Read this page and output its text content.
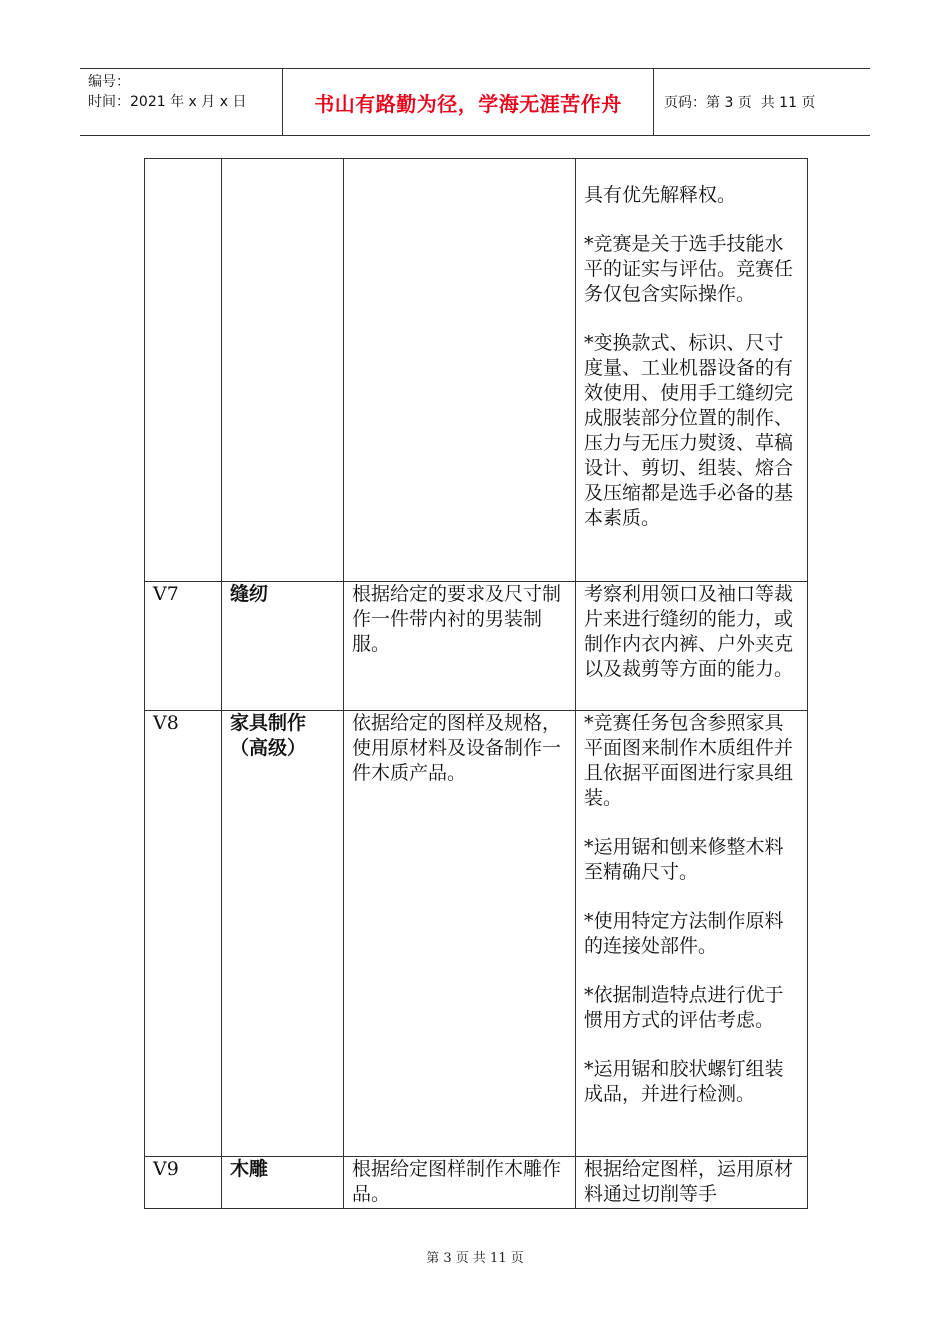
编号：
时间：2021 年 x 月 x 日	书山有路勤为径，学海无涯苦作舟	页码：第 3 页  共 11 页

			具有优先解释权。

*竞赛是关于选手技能水平的证实与评估。竞赛任务仅包含实际操作。

*变换款式、标识、尺寸度量、工业机器设备的有效使用、使用手工缝纫完成服装部分位置的制作、压力与无压力熨烫、草稿设计、剪切、组装、熔合及压缩都是选手必备的基本素质。

V7	缝纫	根据给定的要求及尺寸制作一件带内衬的男装制服。	考察利用领口及袖口等裁片来进行缝纫的能力，或制作内衣内裤、户外夹克以及裁剪等方面的能力。

V8	家具制作（高级）	依据给定的图样及规格，使用原材料及设备制作一件木质产品。	*竞赛任务包含参照家具平面图来制作木质组件并且依据平面图进行家具组装。

*运用锯和刨来修整木料至精确尺寸。

*使用特定方法制作原料的连接处部件。

*依据制造特点进行优于惯用方式的评估考虑。

*运用锯和胶状螺钉组装成品，并进行检测。

V9	木雕	根据给定图样制作木雕作品。	根据给定图样，运用原材料通过切削等手

第 3 页 共 11 页
